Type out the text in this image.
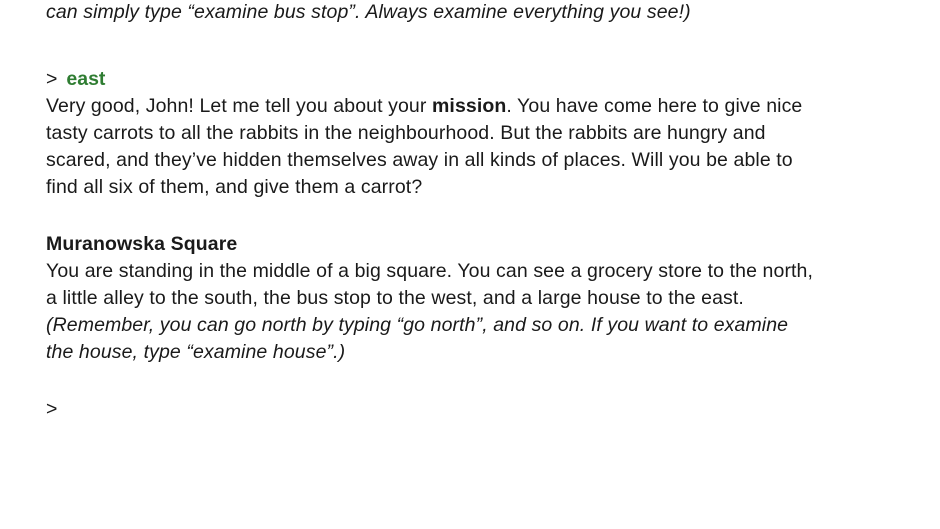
can simply type “examine bus stop”. Always examine everything you see!)

> east

Very good, John! Let me tell you about your mission. You have come here to give nice

tasty carrots to all the rabbits in the neighbourhood. But the rabbits are hungry and

scared, and they’ve hidden themselves away in all kinds of places. Will you be able to

find all six of them, and give them a carrot?

Muranowska Square

You are standing in the middle of a big square. You can see a grocery store to the north,

a little alley to the south, the bus stop to the west, and a large house to the east.

(Remember, you can go north by typing “go north”, and so on. If you want to examine

the house, type “examine house”.)

>
